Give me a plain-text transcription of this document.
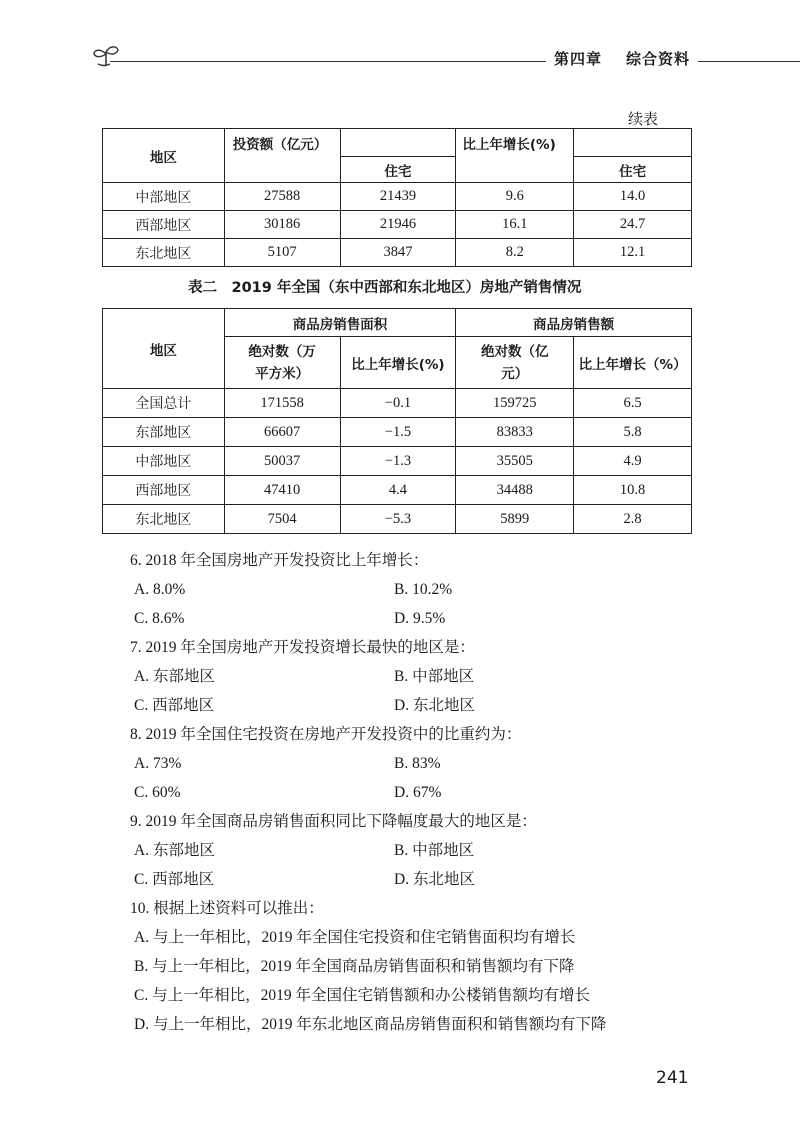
第四章 综合资料
续表
地区	投资额（亿元）		比上年增长(%)	
		住宅		住宅
中部地区	27588	21439	9.6	14.0
西部地区	30186	21946	16.1	24.7
东北地区	5107	3847	8.2	12.1
表二　2019 年全国（东中西部和东北地区）房地产销售情况
地区	商品房销售面积		商品房销售额	
	绝对数（万平方米）	比上年增长(%)	绝对数（亿元）	比上年增长（%）
全国总计	171558	−0.1	159725	6.5
东部地区	66607	−1.5	83833	5.8
中部地区	50037	−1.3	35505	4.9
西部地区	47410	4.4	34488	10.8
东北地区	7504	−5.3	5899	2.8
6. 2018 年全国房地产开发投资比上年增长：
A. 8.0%	B. 10.2%
C. 8.6%	D. 9.5%
7. 2019 年全国房地产开发投资增长最快的地区是：
A. 东部地区	B. 中部地区
C. 西部地区	D. 东北地区
8. 2019 年全国住宅投资在房地产开发投资中的比重约为：
A. 73%	B. 83%
C. 60%	D. 67%
9. 2019 年全国商品房销售面积同比下降幅度最大的地区是：
A. 东部地区	B. 中部地区
C. 西部地区	D. 东北地区
10. 根据上述资料可以推出：
A. 与上一年相比，2019 年全国住宅投资和住宅销售面积均有增长
B. 与上一年相比，2019 年全国商品房销售面积和销售额均有下降
C. 与上一年相比，2019 年全国住宅销售额和办公楼销售额均有增长
D. 与上一年相比，2019 年东北地区商品房销售面积和销售额均有下降
241
